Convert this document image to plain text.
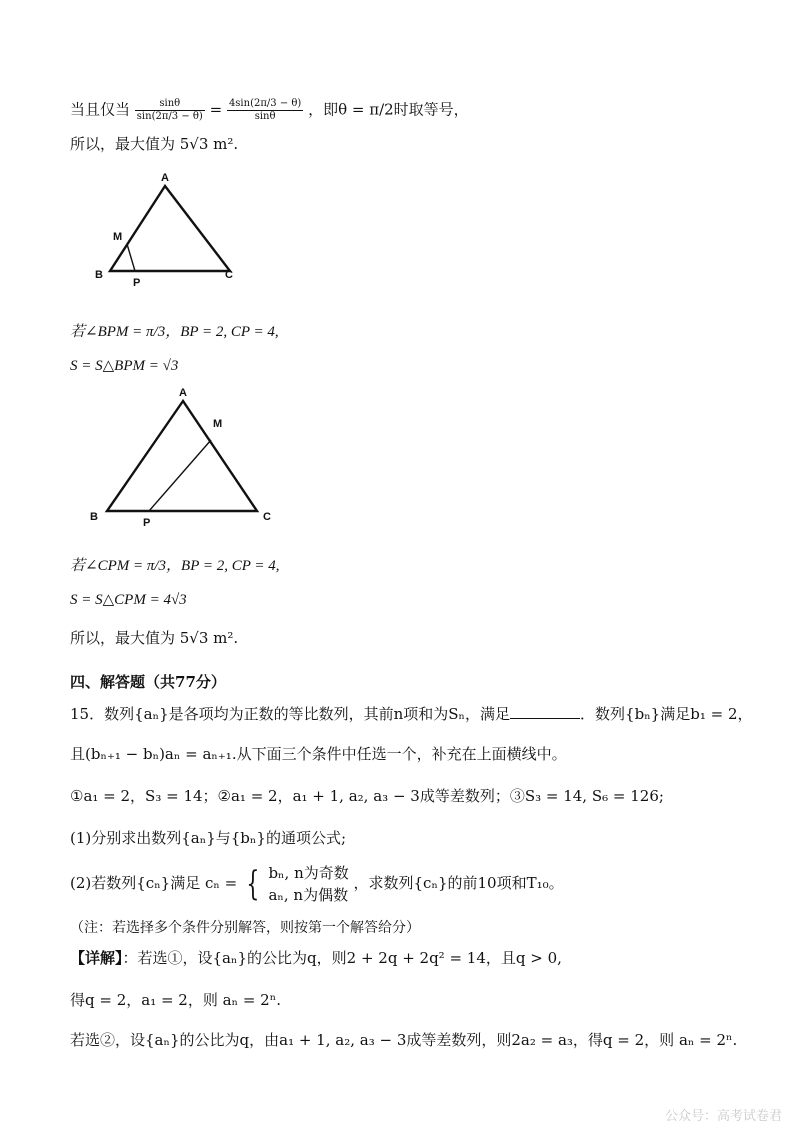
当且仅当 $\frac{\sin\theta}{\sin(2\pi/3 - \theta)} = \frac{4\sin(2\pi/3 - \theta)}{\sin\theta}$ ，即θ = π/2时取等号，
所以，最大值为 5√3 m².
A
M
B
P
C
若∠BPM = π/3，BP = 2, CP = 4,
S = S△BPM = √3
A
M
B	P	C
若∠CPM = π/3，BP = 2, CP = 4,
S = S△CPM = 4√3
所以，最大值为 5√3 m².
四、解答题（共77分）
15．数列{aₙ}是各项均为正数的等比数列，其前n项和为Sₙ，满足	．数列{bₙ}满足b₁ = 2，
且(bₙ₊₁ − bₙ)aₙ = aₙ₊₁.从下面三个条件中任选一个，补充在上面横线中。
①a₁ = 2，S₃ = 14；②a₁ = 2，a₁ + 1, a₂, a₃ − 3成等差数列；③S₃ = 14, S₆ = 126;
(1)分别求出数列{aₙ}与{bₙ}的通项公式;
(2)若数列{cₙ}满足 cₙ = { bₙ, n为奇数
aₙ, n为偶数
，求数列{cₙ}的前10项和T₁₀。
（注：若选择多个条件分别解答，则按第一个解答给分）
【详解】：若选①，设{aₙ}的公比为q，则2 + 2q + 2q² = 14，且q > 0,
得q = 2，a₁ = 2，则 aₙ = 2ⁿ.
若选②，设{aₙ}的公比为q，由a₁ + 1, a₂, a₃ − 3成等差数列，则2a₂ = a₃，得q = 2，则 aₙ = 2ⁿ.
公众号：高考试卷君
